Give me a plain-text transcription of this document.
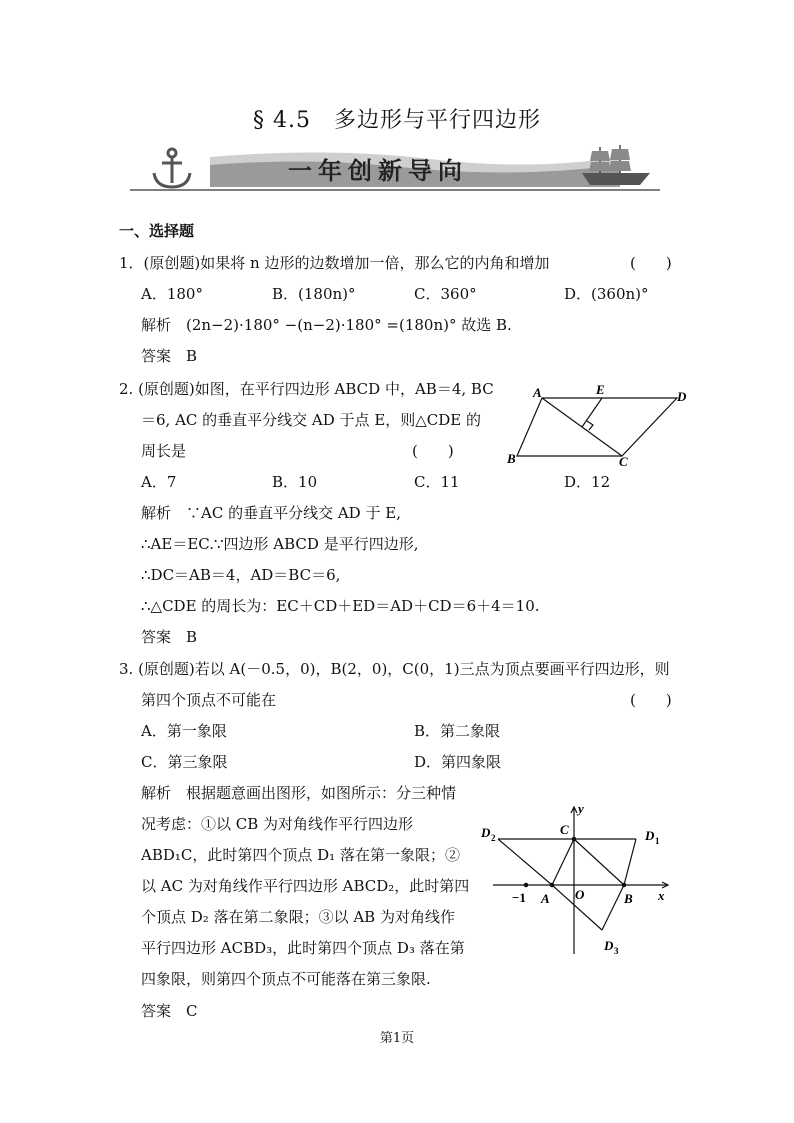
§ 4.5　多边形与平行四边形
一年创新导向
一、选择题
1．(原创题)如果将 n 边形的边数增加一倍，那么它的内角和增加	(　　)
A．180°	B．(180n)°	C．360°	D．(360n)°
解析　(2n−2)·180° −(n−2)·180° =(180n)° 故选 B.
答案　B
2. (原创题)如图，在平行四边形 ABCD 中，AB＝4, BC
＝6, AC 的垂直平分线交 AD 于点 E，则△CDE 的
周长是	(　　)
A．7	B．10	C．11	D．12
A	E	D
B	C
解析　∵AC 的垂直平分线交 AD 于 E,
∴AE＝EC.∵四边形 ABCD 是平行四边形,
∴DC＝AB＝4，AD＝BC＝6,
∴△CDE 的周长为：EC＋CD＋ED＝AD＋CD＝6＋4＝10.
答案　B
3. (原创题)若以 A(－0.5，0)，B(2，0)，C(0，1)三点为顶点要画平行四边形，则
第四个顶点不可能在	(　　)
A．第一象限	B．第二象限
C．第三象限	D．第四象限
解析　根据题意画出图形，如图所示：分三种情
况考虑：①以 CB 为对角线作平行四边形
ABD₁C，此时第四个顶点 D₁ 落在第一象限；②
以 AC 为对角线作平行四边形 ABCD₂，此时第四
个顶点 D₂ 落在第二象限；③以 AB 为对角线作
平行四边形 ACBD₃，此时第四个顶点 D₃ 落在第
四象限，则第四个顶点不可能落在第三象限.
答案　C
y
x
C
D 2	D 1
−1 A O	B
D 3
第1页
